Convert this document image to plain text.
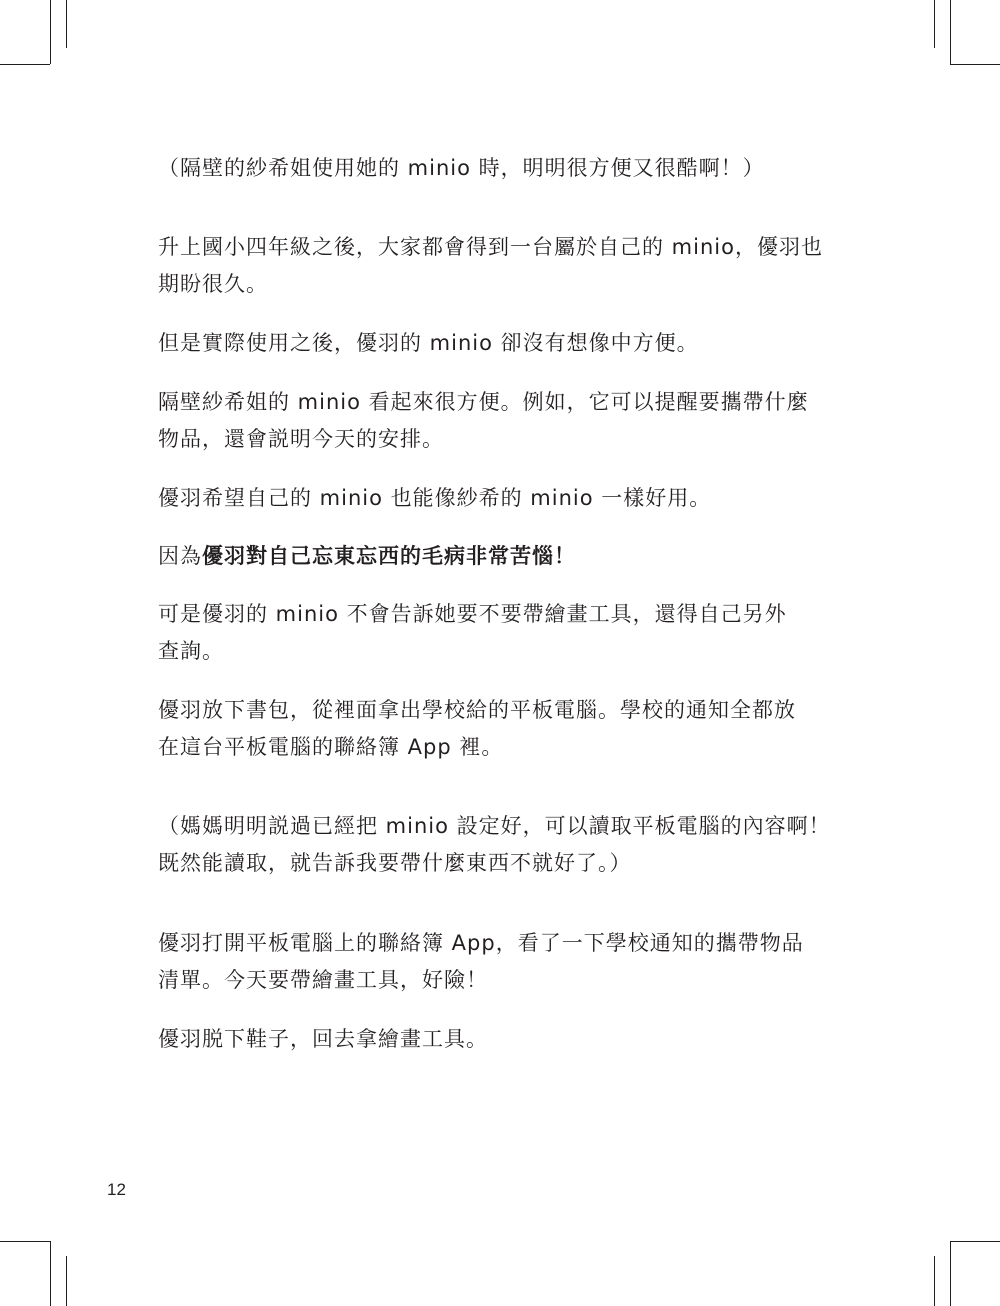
（隔壁的紗希姐使用她的 minio 時，明明很方便又很酷啊！）
升上國小四年級之後，大家都會得到一台屬於自己的 minio，優羽也
期盼很久。
但是實際使用之後，優羽的 minio 卻沒有想像中方便。
隔壁紗希姐的 minio 看起來很方便。例如，它可以提醒要攜帶什麼
物品，還會説明今天的安排。
優羽希望自己的 minio 也能像紗希的 minio 一樣好用。
因為優羽對自己忘東忘西的毛病非常苦惱！
可是優羽的 minio 不會告訴她要不要帶繪畫工具，還得自己另外
查詢。
優羽放下書包，從裡面拿出學校給的平板電腦。學校的通知全都放
在這台平板電腦的聯絡簿 App 裡。
（媽媽明明説過已經把 minio 設定好，可以讀取平板電腦的內容啊！
既然能讀取，就告訴我要帶什麼東西不就好了。）
優羽打開平板電腦上的聯絡簿 App，看了一下學校通知的攜帶物品
清單。今天要帶繪畫工具，好險！
優羽脱下鞋子，回去拿繪畫工具。
12
